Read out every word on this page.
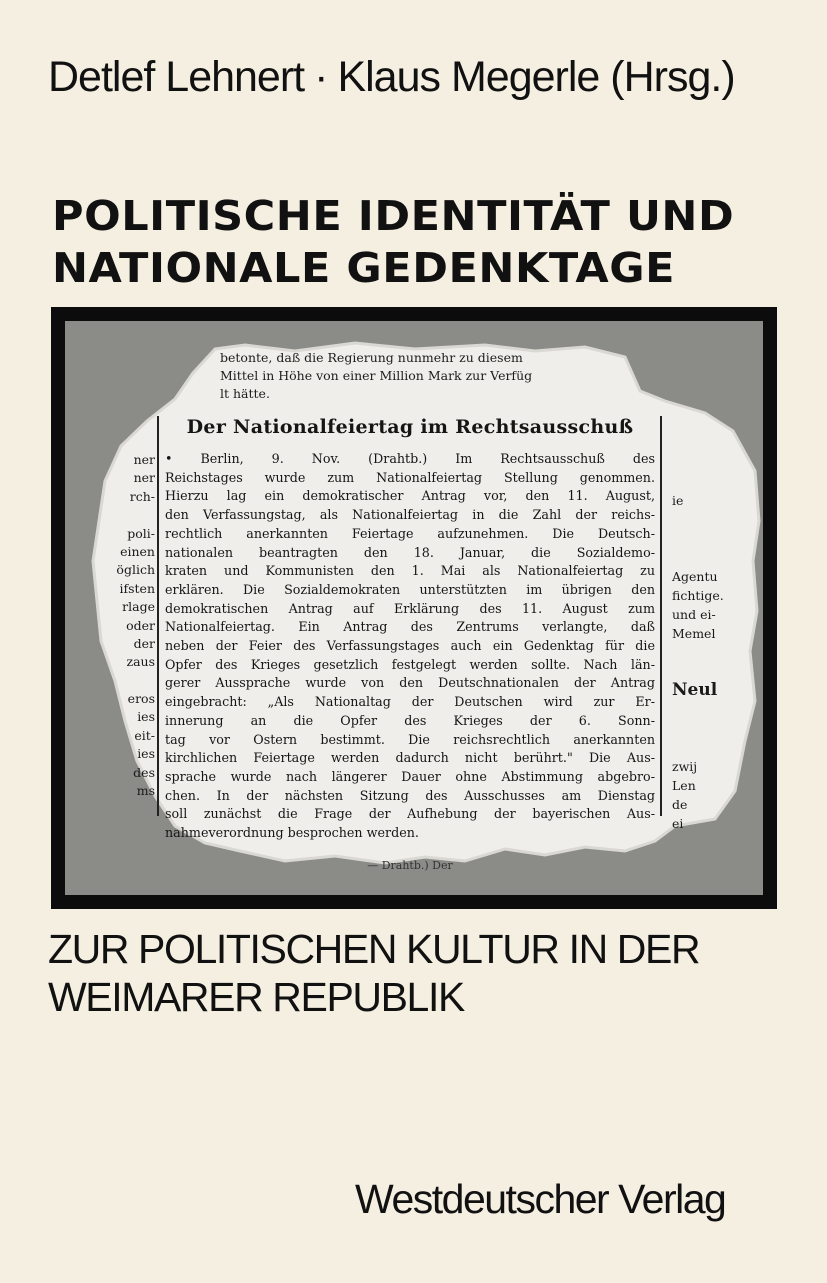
Detlef Lehnert · Klaus Megerle (Hrsg.)
POLITISCHE IDENTITÄT UND
NATIONALE GEDENKTAGE
betonte, daß die Regierung nunmehr zu diesem
Mittel in Höhe von einer Million Mark zur Verfüg
lt hätte.
ner
ner
rch-
poli-
einen
öglich
ifsten
rlage
oder
der
zaus
eros
ies
eit-
ies
des
ms
Der Nationalfeiertag im Rechtsausschuß
• Berlin, 9. Nov. (Drahtb.) Im Rechtsausschuß des
Reichstages wurde zum Nationalfeiertag Stellung genommen.
Hierzu lag ein demokratischer Antrag vor, den 11. August,
den Verfassungstag, als Nationalfeiertag in die Zahl der reichs-
rechtlich anerkannten Feiertage aufzunehmen. Die Deutsch-
nationalen beantragten den 18. Januar, die Sozialdemo-
kraten und Kommunisten den 1. Mai als Nationalfeiertag zu
erklären. Die Sozialdemokraten unterstützten im übrigen den
demokratischen Antrag auf Erklärung des 11. August zum
Nationalfeiertag. Ein Antrag des Zentrums verlangte, daß
neben der Feier des Verfassungstages auch ein Gedenktag für die
Opfer des Krieges gesetzlich festgelegt werden sollte. Nach län-
gerer Aussprache wurde von den Deutschnationalen der Antrag
eingebracht: „Als Nationaltag der Deutschen wird zur Er-
innerung an die Opfer des Krieges der 6. Sonn-
tag vor Ostern bestimmt. Die reichsrechtlich anerkannten
kirchlichen Feiertage werden dadurch nicht berührt." Die Aus-
sprache wurde nach längerer Dauer ohne Abstimmung abgebro-
chen. In der nächsten Sitzung des Ausschusses am Dienstag
soll zunächst die Frage der Aufhebung der bayerischen Aus-
nahmeverordnung besprochen werden.
— Drahtb.) Der
ie
Agentu
fichtige.
und ei-
Memel
Neul
zwij
Len
de
ei
ZUR POLITISCHEN KULTUR IN DER
WEIMARER REPUBLIK
Westdeutscher Verlag
